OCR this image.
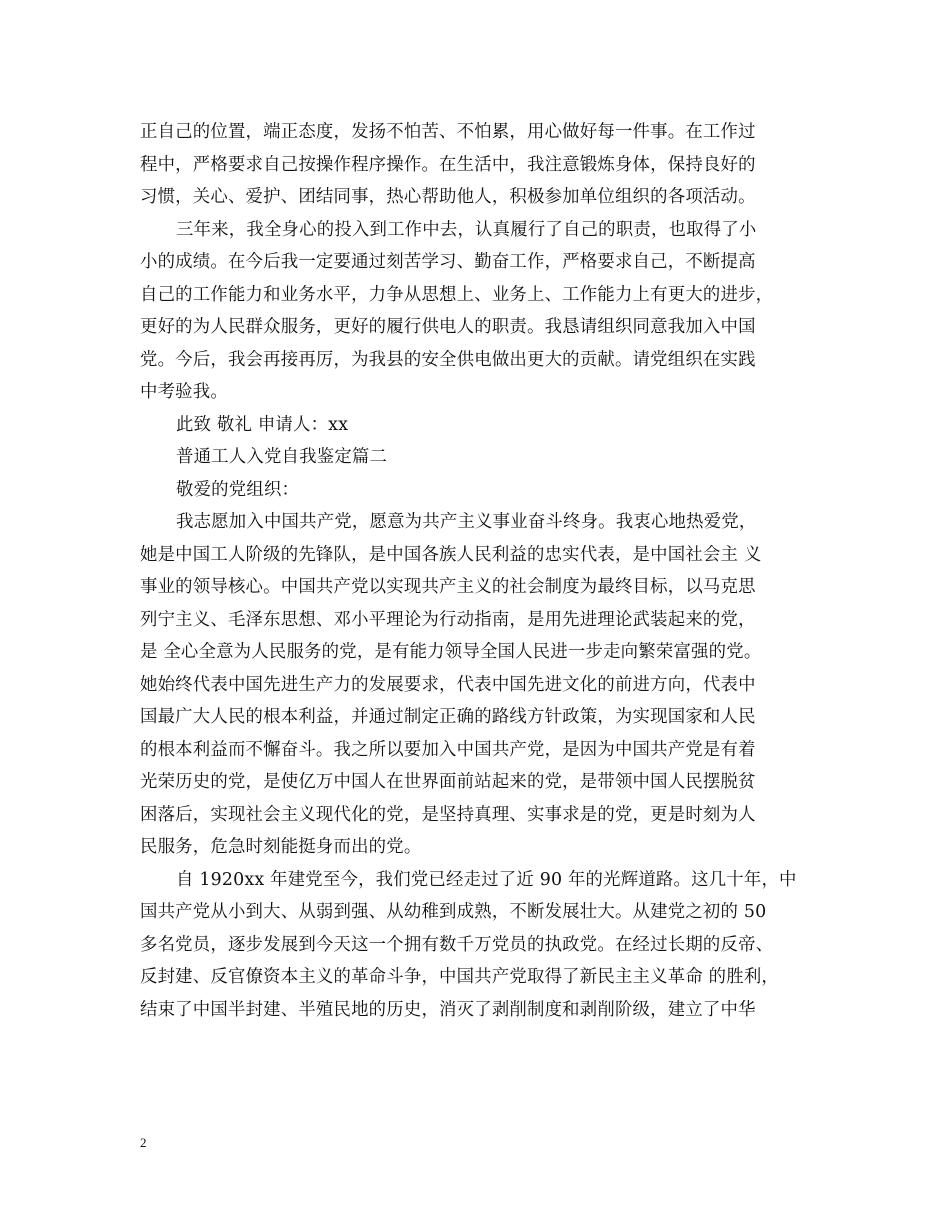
正自己的位置，端正态度，发扬不怕苦、不怕累，用心做好每一件事。在工作过
程中，严格要求自己按操作程序操作。在生活中，我注意锻炼身体，保持良好的
习惯，关心、爱护、团结同事，热心帮助他人，积极参加单位组织的各项活动。
三年来，我全身心的投入到工作中去，认真履行了自己的职责，也取得了小
小的成绩。在今后我一定要通过刻苦学习、勤奋工作，严格要求自己，不断提高
自己的工作能力和业务水平，力争从思想上、业务上、工作能力上有更大的进步，
更好的为人民群众服务，更好的履行供电人的职责。我恳请组织同意我加入中国
党。今后，我会再接再厉，为我县的安全供电做出更大的贡献。请党组织在实践
中考验我。
此致 敬礼 申请人：xx
普通工人入党自我鉴定篇二
敬爱的党组织：
我志愿加入中国共产党，愿意为共产主义事业奋斗终身。我衷心地热爱党，
她是中国工人阶级的先锋队，是中国各族人民利益的忠实代表，是中国社会主 义
事业的领导核心。中国共产党以实现共产主义的社会制度为最终目标，以马克思
列宁主义、毛泽东思想、邓小平理论为行动指南，是用先进理论武装起来的党，
是 全心全意为人民服务的党，是有能力领导全国人民进一步走向繁荣富强的党。
她始终代表中国先进生产力的发展要求，代表中国先进文化的前进方向，代表中
国最广大人民的根本利益，并通过制定正确的路线方针政策，为实现国家和人民
的根本利益而不懈奋斗。我之所以要加入中国共产党，是因为中国共产党是有着
光荣历史的党，是使亿万中国人在世界面前站起来的党，是带领中国人民摆脱贫
困落后，实现社会主义现代化的党，是坚持真理、实事求是的党，更是时刻为人
民服务，危急时刻能挺身而出的党。
自 1920xx 年建党至今，我们党已经走过了近 90 年的光辉道路。这几十年，中
国共产党从小到大、从弱到强、从幼稚到成熟，不断发展壮大。从建党之初的 50
多名党员，逐步发展到今天这一个拥有数千万党员的执政党。在经过长期的反帝、
反封建、反官僚资本主义的革命斗争，中国共产党取得了新民主主义革命 的胜利，
结束了中国半封建、半殖民地的历史，消灭了剥削制度和剥削阶级，建立了中华
2
